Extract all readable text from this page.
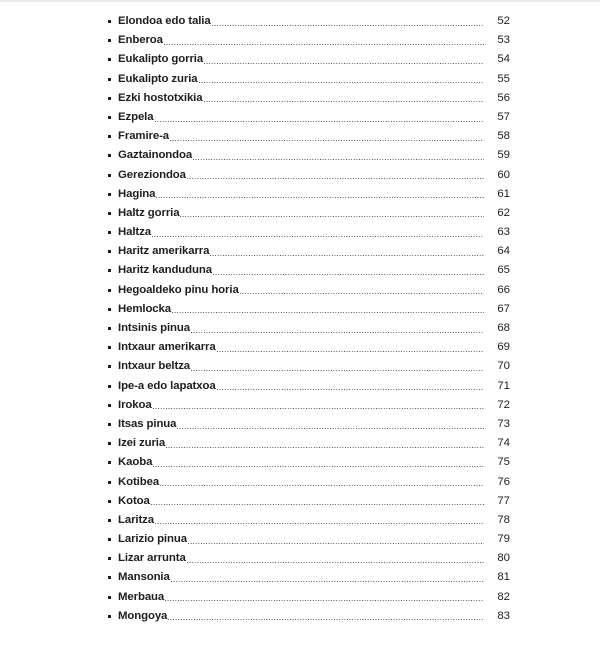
Elondoa edo talia	52
Enberoa	53
Eukalipto gorria	54
Eukalipto zuria	55
Ezki hostotxikia	56
Ezpela	57
Framire-a	58
Gaztainondoa	59
Gereziondoa	60
Hagina	61
Haltz gorria	62
Haltza	63
Haritz amerikarra	64
Haritz kanduduna	65
Hegoaldeko pinu horia	66
Hemlocka	67
Intsinis pinua	68
Intxaur amerikarra	69
Intxaur beltza	70
Ipe-a edo lapatxoa	71
Irokoa	72
Itsas pinua	73
Izei zuria	74
Kaoba	75
Kotibea	76
Kotoa	77
Laritza	78
Larizio pinua	79
Lizar arrunta	80
Mansonia	81
Merbaua	82
Mongoya	83
